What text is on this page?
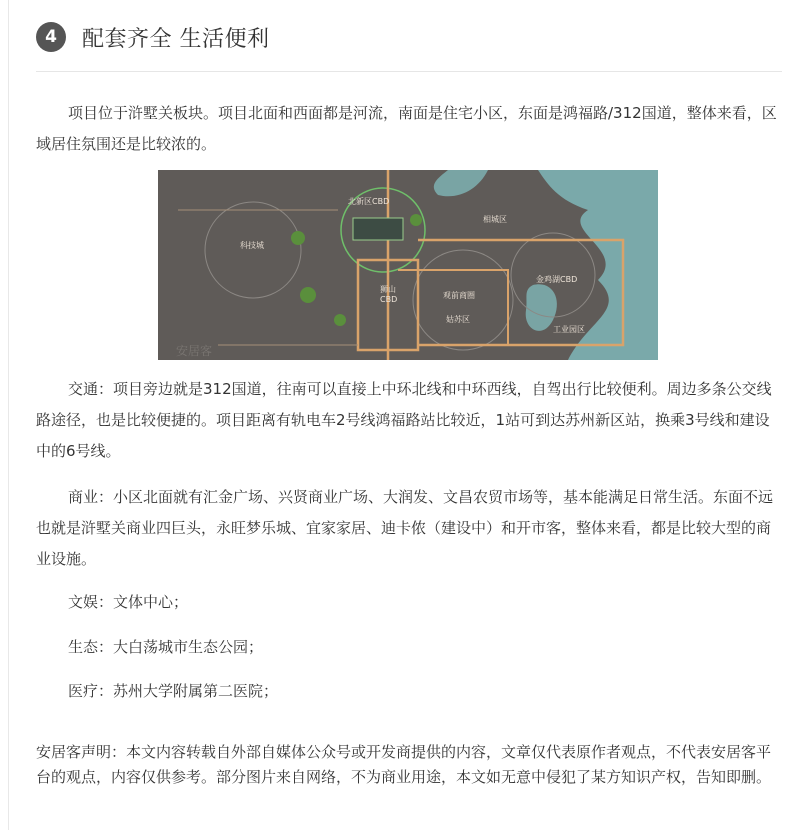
4	配套齐全 生活便利

项目位于浒墅关板块。项目北面和西面都是河流，南面是住宅小区，东面是鸿福路/312国道，整体来看，区域居住氛围还是比较浓的。

科技城
北新区CBD
相城区
金鸡湖CBD
狮山
CBD	观前商圈
姑苏区
工业园区
安居客

交通：项目旁边就是312国道，往南可以直接上中环北线和中环西线，自驾出行比较便利。周边多条公交线路途径，也是比较便捷的。项目距离有轨电车2号线鸿福路站比较近，1站可到达苏州新区站，换乘3号线和建设中的6号线。

商业：小区北面就有汇金广场、兴贤商业广场、大润发、文昌农贸市场等，基本能满足日常生活。东面不远也就是浒墅关商业四巨头，永旺梦乐城、宜家家居、迪卡侬（建设中）和开市客，整体来看，都是比较大型的商业设施。

文娱：文体中心；

生态：大白荡城市生态公园；

医疗：苏州大学附属第二医院；

安居客声明：本文内容转载自外部自媒体公众号或开发商提供的内容，文章仅代表原作者观点，不代表安居客平台的观点，内容仅供参考。部分图片来自网络，不为商业用途，本文如无意中侵犯了某方知识产权，告知即删。
